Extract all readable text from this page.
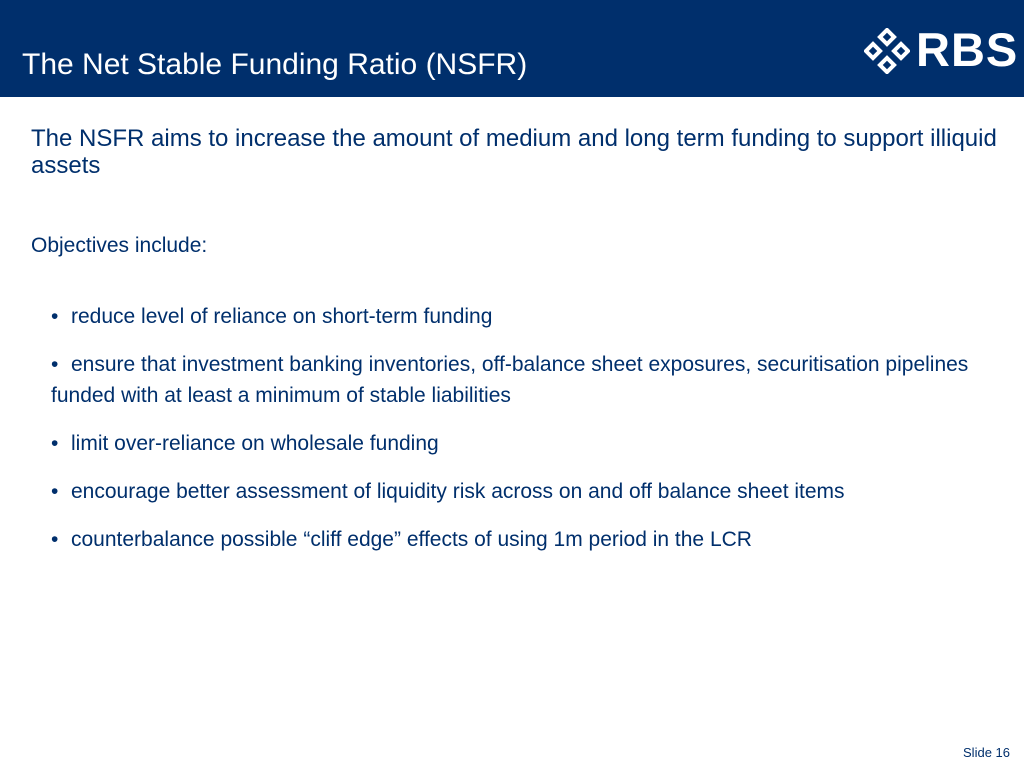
The Net Stable Funding Ratio (NSFR)	RBS

The NSFR aims to increase the amount of medium and long term funding to support illiquid assets

Objectives include:

• reduce level of reliance on short-term funding
• ensure that investment banking inventories, off-balance sheet exposures, securitisation pipelines funded with at least a minimum of stable liabilities
• limit over-reliance on wholesale funding
• encourage better assessment of liquidity risk across on and off balance sheet items
• counterbalance possible “cliff edge” effects of using 1m period in the LCR
Slide 16
